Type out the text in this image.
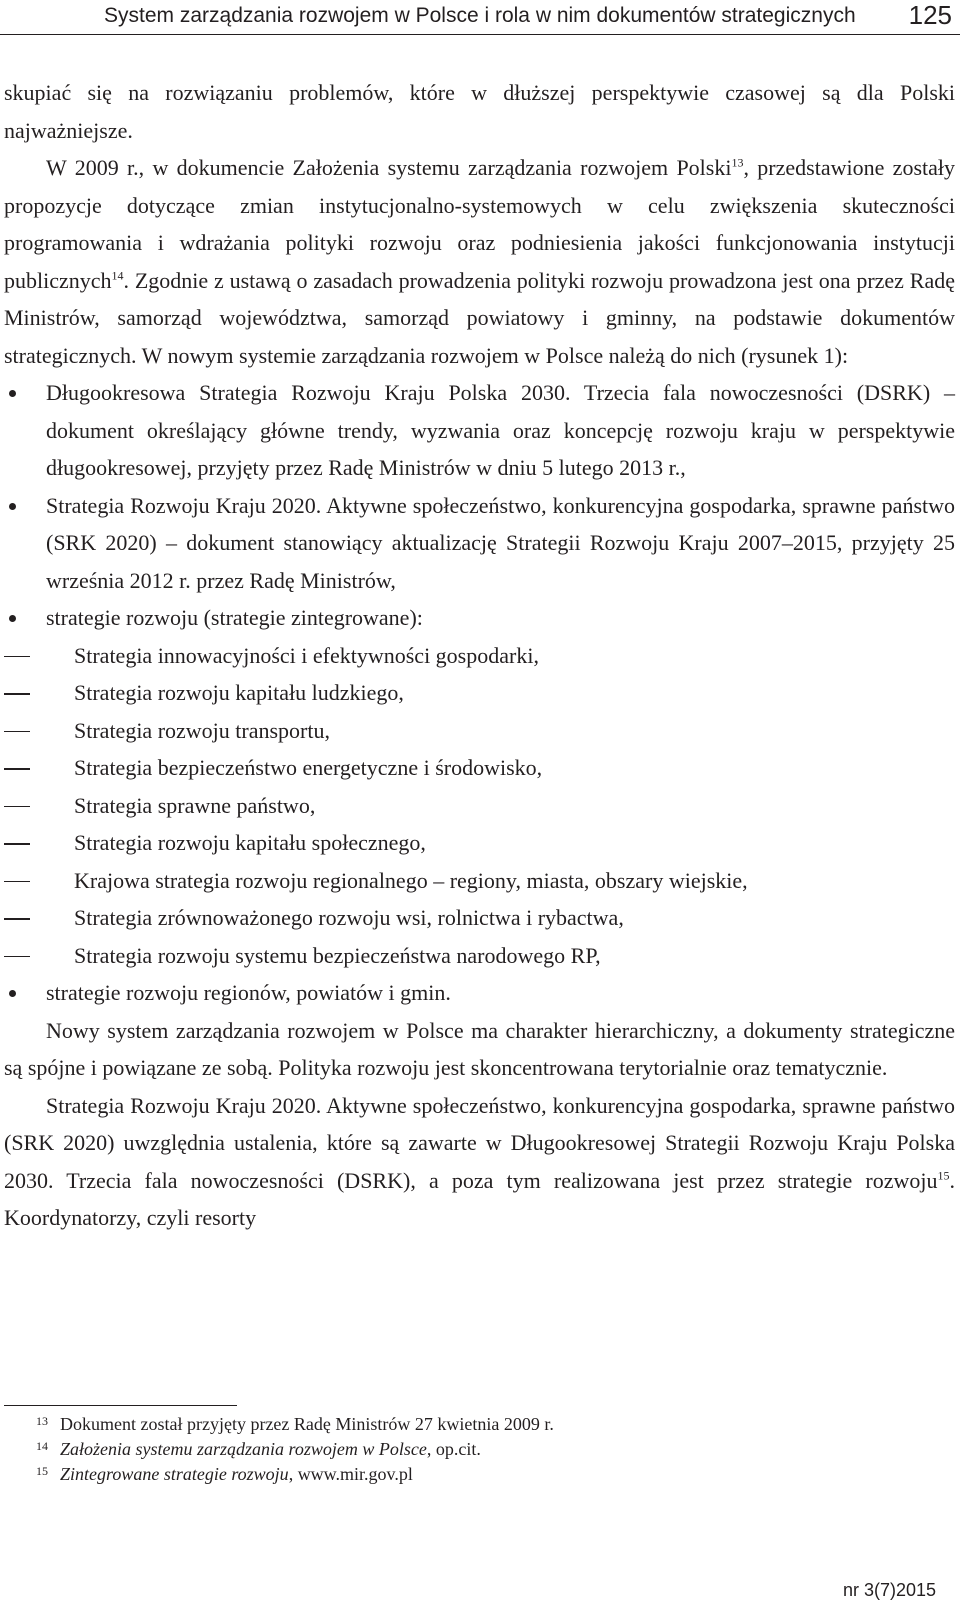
System zarządzania rozwojem w Polsce i rola w nim dokumentów strategicznych 125

skupiać się na rozwiązaniu problemów, które w dłuższej perspektywie czasowej są dla Polski najważniejsze.

W 2009 r., w dokumencie Założenia systemu zarządzania rozwojem Polski$^{13}$, przedstawione zostały propozycje dotyczące zmian instytucjonalno-systemowych w celu zwiększenia skuteczności programowania i wdrażania polityki rozwoju oraz podniesienia jakości funkcjonowania instytucji publicznych$^{14}$. Zgodnie z ustawą o zasadach prowadzenia polityki rozwoju prowadzona jest ona przez Radę Ministrów, samorząd województwa, samorząd powiatowy i gminny, na podstawie dokumentów strategicznych. W nowym systemie zarządzania rozwojem w Polsce należą do nich (rysunek 1):

Długookresowa Strategia Rozwoju Kraju Polska 2030. Trzecia fala nowoczesności (DSRK) – dokument określający główne trendy, wyzwania oraz koncepcję rozwoju kraju w perspektywie długookresowej, przyjęty przez Radę Ministrów w dniu 5 lutego 2013 r.,
Strategia Rozwoju Kraju 2020. Aktywne społeczeństwo, konkurencyjna gospodarka, sprawne państwo (SRK 2020) – dokument stanowiący aktualizację Strategii Rozwoju Kraju 2007–2015, przyjęty 25 września 2012 r. przez Radę Ministrów,
strategie rozwoju (strategie zintegrowane):
Strategia innowacyjności i efektywności gospodarki,
Strategia rozwoju kapitału ludzkiego,
Strategia rozwoju transportu,
Strategia bezpieczeństwo energetyczne i środowisko,
Strategia sprawne państwo,
Strategia rozwoju kapitału społecznego,
Krajowa strategia rozwoju regionalnego – regiony, miasta, obszary wiejskie,
Strategia zrównoważonego rozwoju wsi, rolnictwa i rybactwa,
Strategia rozwoju systemu bezpieczeństwa narodowego RP,
strategie rozwoju regionów, powiatów i gmin.

Nowy system zarządzania rozwojem w Polsce ma charakter hierarchiczny, a dokumenty strategiczne są spójne i powiązane ze sobą. Polityka rozwoju jest skoncentrowana terytorialnie oraz tematycznie.

Strategia Rozwoju Kraju 2020. Aktywne społeczeństwo, konkurencyjna gospodarka, sprawne państwo (SRK 2020) uwzględnia ustalenia, które są zawarte w Długookresowej Strategii Rozwoju Kraju Polska 2030. Trzecia fala nowoczesności (DSRK), a poza tym realizowana jest przez strategie rozwoju$^{15}$. Koordynatorzy, czyli resorty

13 Dokument został przyjęty przez Radę Ministrów 27 kwietnia 2009 r.
14 Założenia systemu zarządzania rozwojem w Polsce, op.cit.
15 Zintegrowane strategie rozwoju, www.mir.gov.pl
nr 3(7)2015
